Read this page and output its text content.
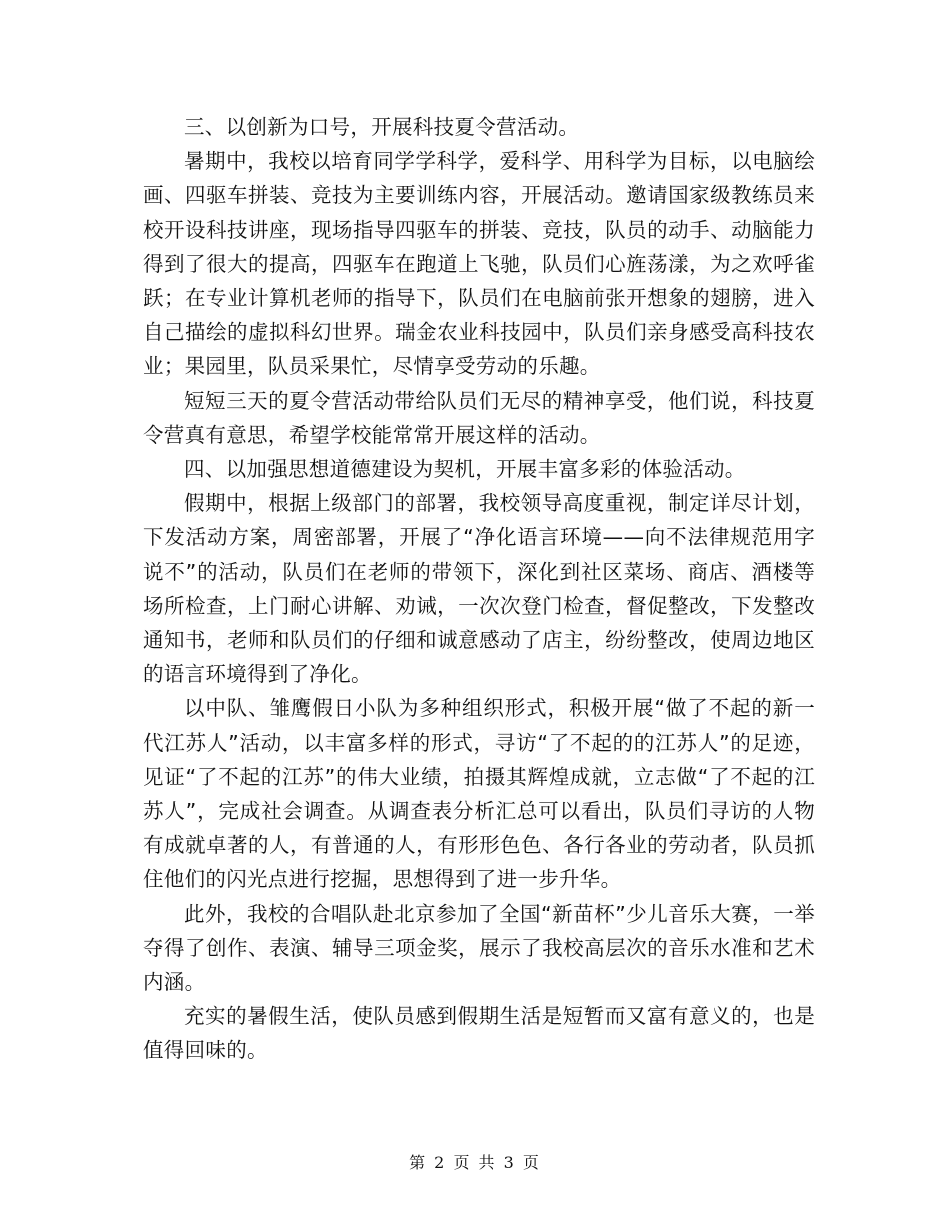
三、以创新为口号，开展科技夏令营活动。

暑期中，我校以培育同学学科学，爱科学、用科学为目标，以电脑绘画、四驱车拼装、竞技为主要训练内容，开展活动。邀请国家级教练员来校开设科技讲座，现场指导四驱车的拼装、竞技，队员的动手、动脑能力得到了很大的提高，四驱车在跑道上飞驰，队员们心旌荡漾，为之欢呼雀跃；在专业计算机老师的指导下，队员们在电脑前张开想象的翅膀，进入自己描绘的虚拟科幻世界。瑞金农业科技园中，队员们亲身感受高科技农业；果园里，队员采果忙，尽情享受劳动的乐趣。

短短三天的夏令营活动带给队员们无尽的精神享受，他们说，科技夏令营真有意思，希望学校能常常开展这样的活动。

四、以加强思想道德建设为契机，开展丰富多彩的体验活动。

假期中，根据上级部门的部署，我校领导高度重视，制定详尽计划，下发活动方案，周密部署，开展了“净化语言环境——向不法律规范用字说不”的活动，队员们在老师的带领下，深化到社区菜场、商店、酒楼等场所检查，上门耐心讲解、劝诫，一次次登门检查，督促整改，下发整改通知书，老师和队员们的仔细和诚意感动了店主，纷纷整改，使周边地区的语言环境得到了净化。

以中队、雏鹰假日小队为多种组织形式，积极开展“做了不起的新一代江苏人”活动，以丰富多样的形式，寻访“了不起的的江苏人”的足迹，见证“了不起的江苏”的伟大业绩，拍摄其辉煌成就，立志做“了不起的江苏人”，完成社会调查。从调查表分析汇总可以看出，队员们寻访的人物有成就卓著的人，有普通的人，有形形色色、各行各业的劳动者，队员抓住他们的闪光点进行挖掘，思想得到了进一步升华。

此外，我校的合唱队赴北京参加了全国“新苗杯”少儿音乐大赛，一举夺得了创作、表演、辅导三项金奖，展示了我校高层次的音乐水准和艺术内涵。

充实的暑假生活，使队员感到假期生活是短暂而又富有意义的，也是值得回味的。

第 2 页 共 3 页
